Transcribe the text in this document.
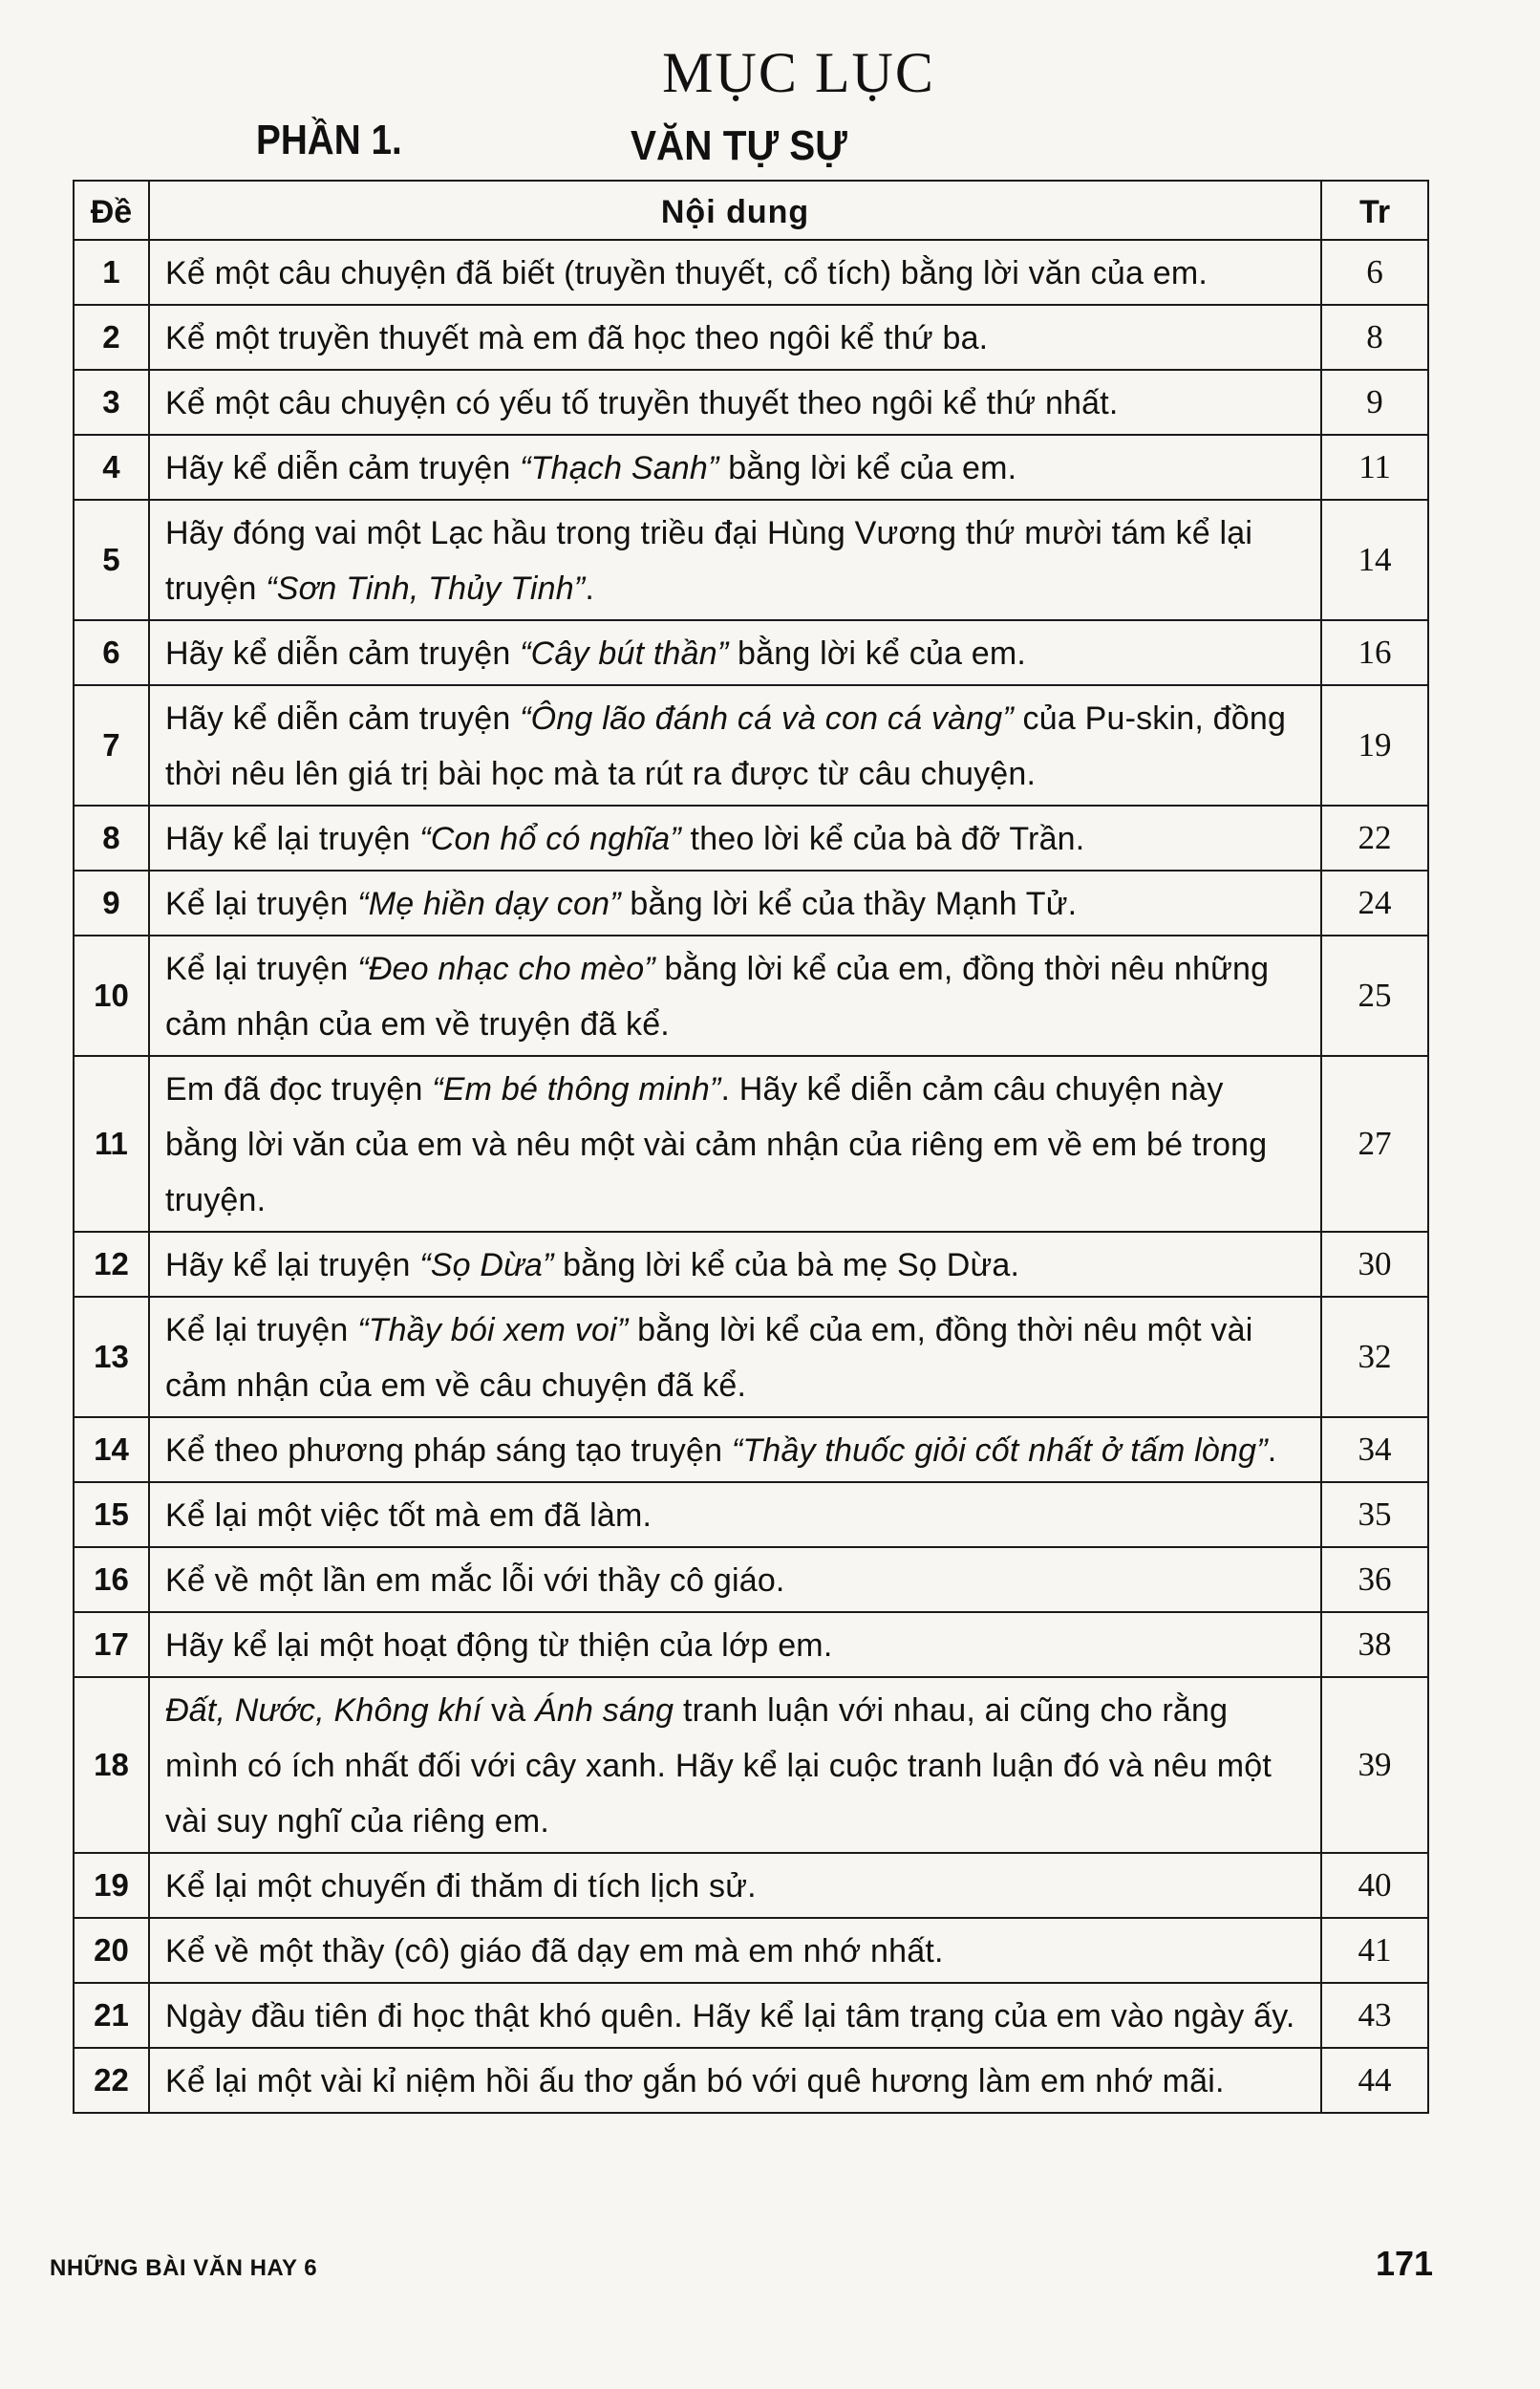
MỤC LỤC
PHẦN 1.	VĂN TỰ SỰ
Đề	Nội dung	Tr
1	Kể một câu chuyện đã biết (truyền thuyết, cổ tích) bằng lời văn của em.	6
2	Kể một truyền thuyết mà em đã học theo ngôi kể thứ ba.	8
3	Kể một câu chuyện có yếu tố truyền thuyết theo ngôi kể thứ nhất.	9
4	Hãy kể diễn cảm truyện “Thạch Sanh” bằng lời kể của em.	11
5	Hãy đóng vai một Lạc hầu trong triều đại Hùng Vương thứ mười tám kể lại truyện “Sơn Tinh, Thủy Tinh”.	14
6	Hãy kể diễn cảm truyện “Cây bút thần” bằng lời kể của em.	16
7	Hãy kể diễn cảm truyện “Ông lão đánh cá và con cá vàng” của Pu-skin, đồng thời nêu lên giá trị bài học mà ta rút ra được từ câu chuyện.	19
8	Hãy kể lại truyện “Con hổ có nghĩa” theo lời kể của bà đỡ Trần.	22
9	Kể lại truyện “Mẹ hiền dạy con” bằng lời kể của thầy Mạnh Tử.	24
10	Kể lại truyện “Đeo nhạc cho mèo” bằng lời kể của em, đồng thời nêu những cảm nhận của em về truyện đã kể.	25
11	Em đã đọc truyện “Em bé thông minh”. Hãy kể diễn cảm câu chuyện này bằng lời văn của em và nêu một vài cảm nhận của riêng em về em bé trong truyện.	27
12	Hãy kể lại truyện “Sọ Dừa” bằng lời kể của bà mẹ Sọ Dừa.	30
13	Kể lại truyện “Thầy bói xem voi” bằng lời kể của em, đồng thời nêu một vài cảm nhận của em về câu chuyện đã kể.	32
14	Kể theo phương pháp sáng tạo truyện “Thầy thuốc giỏi cốt nhất ở tấm lòng”.	34
15	Kể lại một việc tốt mà em đã làm.	35
16	Kể về một lần em mắc lỗi với thầy cô giáo.	36
17	Hãy kể lại một hoạt động từ thiện của lớp em.	38
18	Đất, Nước, Không khí và Ánh sáng tranh luận với nhau, ai cũng cho rằng mình có ích nhất đối với cây xanh. Hãy kể lại cuộc tranh luận đó và nêu một vài suy nghĩ của riêng em.	39
19	Kể lại một chuyến đi thăm di tích lịch sử.	40
20	Kể về một thầy (cô) giáo đã dạy em mà em nhớ nhất.	41
21	Ngày đầu tiên đi học thật khó quên. Hãy kể lại tâm trạng của em vào ngày ấy.	43
22	Kể lại một vài kỉ niệm hồi ấu thơ gắn bó với quê hương làm em nhớ mãi.	44
NHỮNG BÀI VĂN HAY 6	171
